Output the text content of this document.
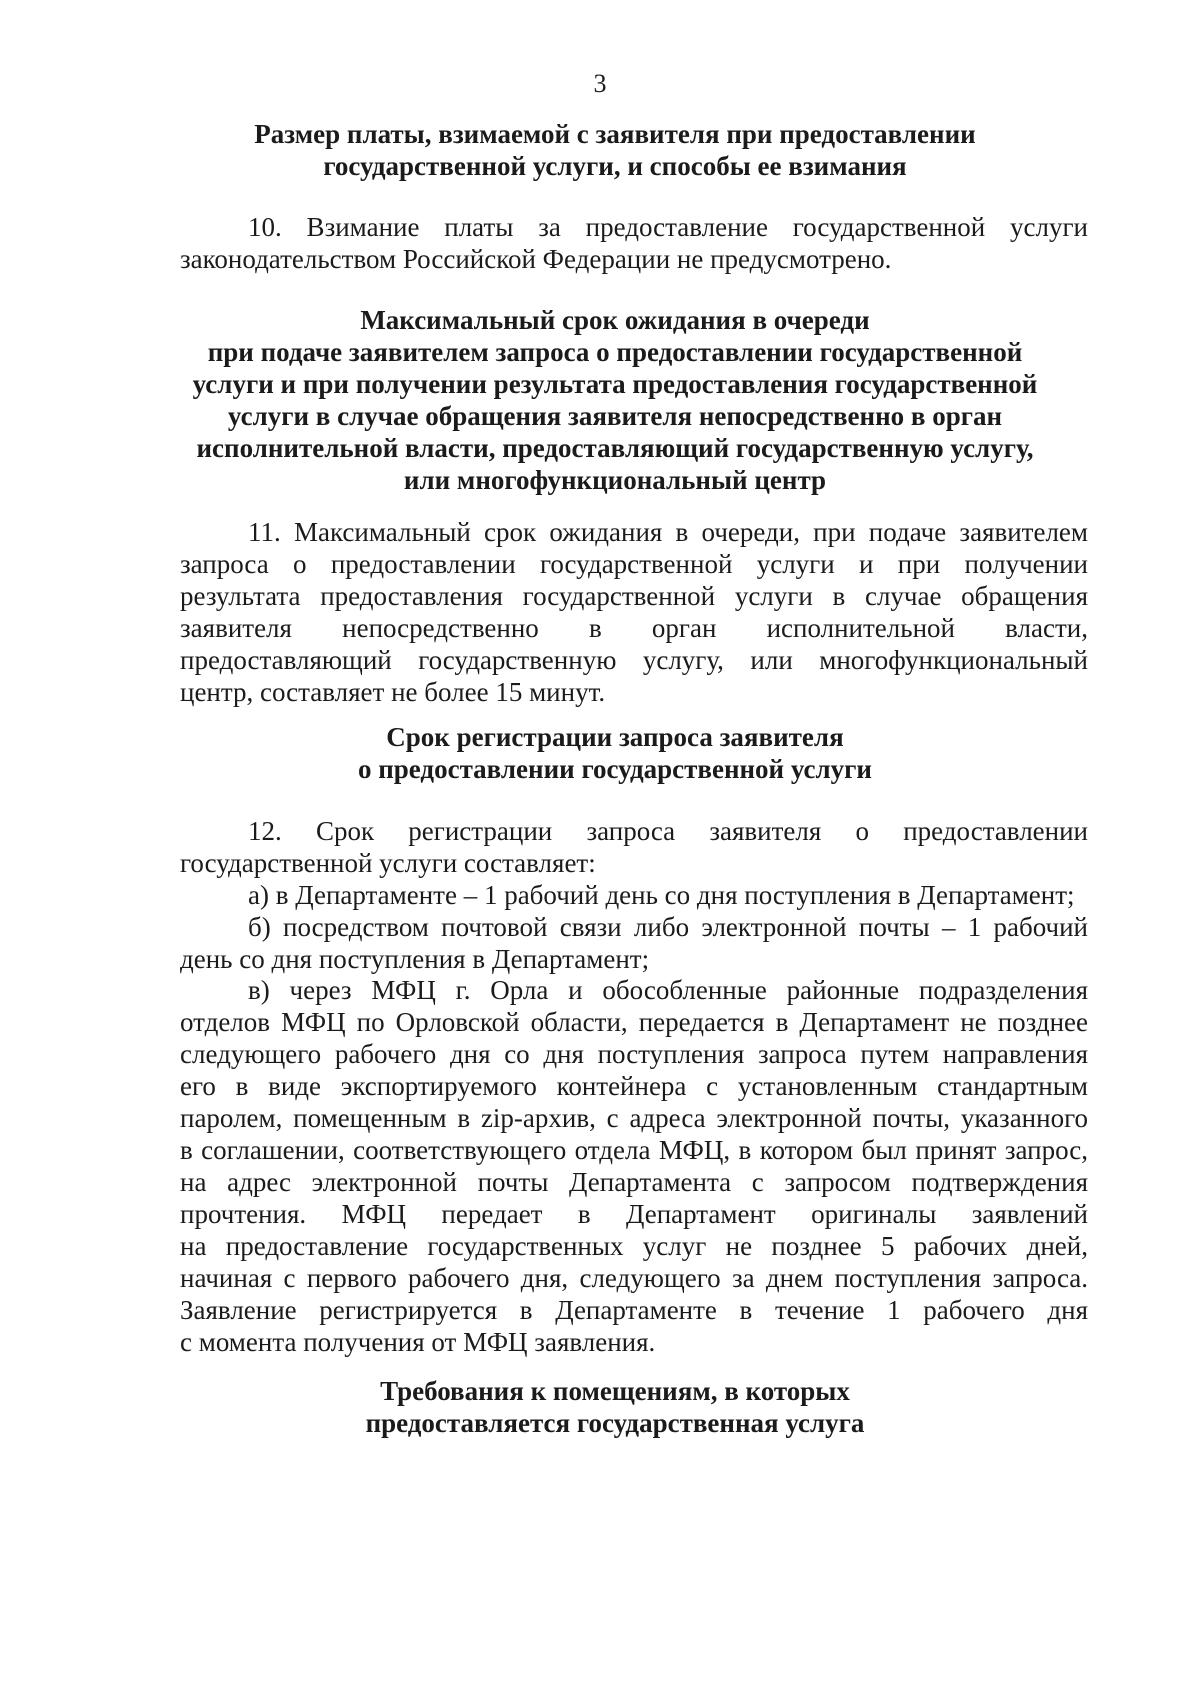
3
Размер платы, взимаемой с заявителя при предоставлении
государственной услуги, и способы ее взимания
10. Взимание платы за предоставление государственной услуги
законодательством Российской Федерации не предусмотрено.
Максимальный срок ожидания в очереди
при подаче заявителем запроса о предоставлении государственной
услуги и при получении результата предоставления государственной
услуги в случае обращения заявителя непосредственно в орган
исполнительной власти, предоставляющий государственную услугу,
или многофункциональный центр
11. Максимальный срок ожидания в очереди, при подаче заявителем
запроса о предоставлении государственной услуги и при получении
результата предоставления государственной услуги в случае обращения
заявителя непосредственно в орган исполнительной власти,
предоставляющий государственную услугу, или многофункциональный
центр, составляет не более 15 минут.
Срок регистрации запроса заявителя
о предоставлении государственной услуги
12. Срок регистрации запроса заявителя о предоставлении
государственной услуги составляет:
а) в Департаменте – 1 рабочий день со дня поступления в Департамент;
б) посредством почтовой связи либо электронной почты – 1 рабочий
день со дня поступления в Департамент;
в) через МФЦ г. Орла и обособленные районные подразделения
отделов МФЦ по Орловской области, передается в Департамент не позднее
следующего рабочего дня со дня поступления запроса путем направления
его в виде экспортируемого контейнера с установленным стандартным
паролем, помещенным в zip-архив, с адреса электронной почты, указанного
в соглашении, соответствующего отдела МФЦ, в котором был принят запрос,
на адрес электронной почты Департамента с запросом подтверждения
прочтения. МФЦ передает в Департамент оригиналы заявлений
на предоставление государственных услуг не позднее 5 рабочих дней,
начиная с первого рабочего дня, следующего за днем поступления запроса.
Заявление регистрируется в Департаменте в течение 1 рабочего дня
с момента получения от МФЦ заявления.
Требования к помещениям, в которых
предоставляется государственная услуга
